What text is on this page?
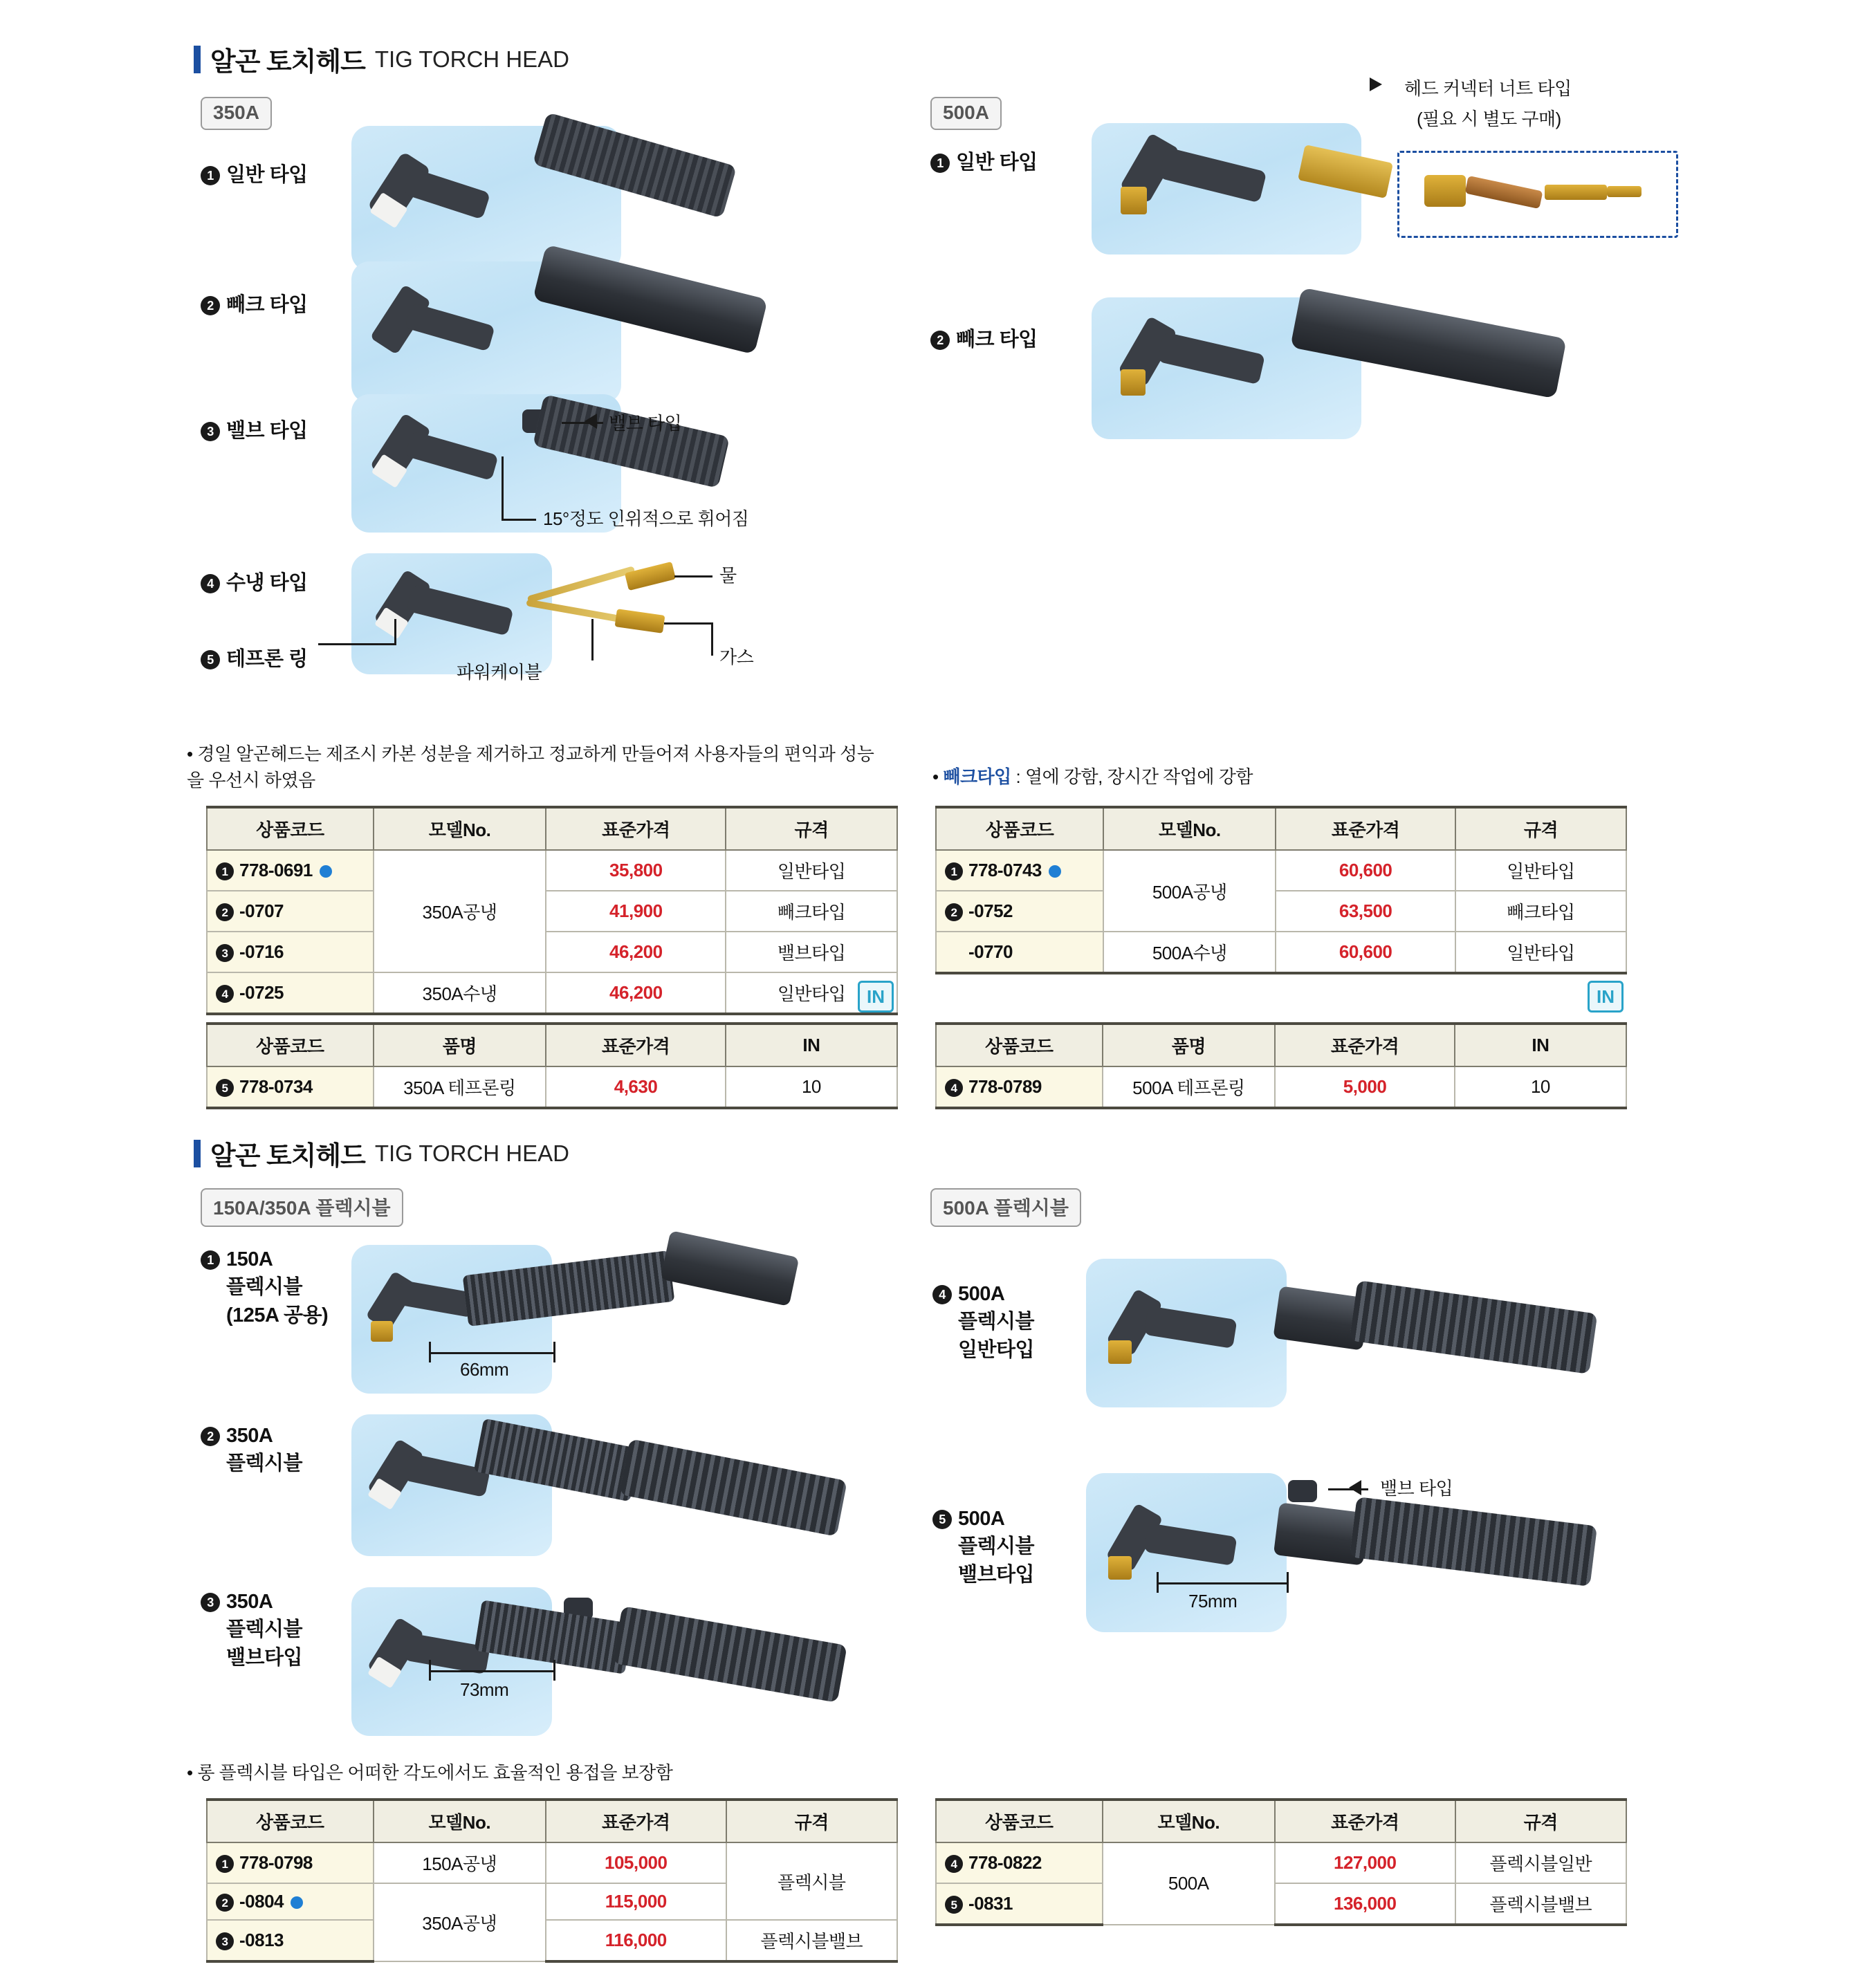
알곤 토치헤드 TIG TORCH HEAD
350A
1 일반 타입
2 빼크 타입
3 밸브 타입	밸브 타입
15°정도 인위적으로 휘어짐
4 수냉 타입
5 테프론 링
물
가스
파워케이블
500A
1 일반 타입
헤드 커넥터 너트 타입
(필요 시 별도 구매)
2 빼크 타입
• 경일 알곤헤드는 제조시 카본 성분을 제거하고 정교하게 만들어져 사용자들의 편익과 성능을 우선시 하였음	• 빼크타입 : 열에 강함, 장시간 작업에 강함
상품코드	모델No.	표준가격	규격
1 778-0691	350A공냉	35,800	일반타입
2 -0707		41,900	빼크타입
3 -0716		46,200	밸브타입
4 -0725	350A수냉	46,200	일반타입
상품코드	모델No.	표준가격	규격
1 778-0743	500A공냉	60,600	일반타입
2 -0752		63,500	빼크타입
-0770	500A수냉	60,600	일반타입
IN	IN
상품코드	품명	표준가격	IN
5 778-0734	350A 테프론링	4,630	10
상품코드	품명	표준가격	IN
4 778-0789	500A 테프론링	5,000	10
알곤 토치헤드 TIG TORCH HEAD
150A/350A 플렉시블	500A 플렉시블
1 150A
플렉시블
(125A 공용)
66mm
2 350A
플렉시블
3 350A
플렉시블
밸브타입
73mm
4 500A
플렉시블
일반타입
5 500A
플렉시블
밸브타입
밸브 타입
75mm
• 롱 플렉시블 타입은 어떠한 각도에서도 효율적인 용접을 보장함
상품코드	모델No.	표준가격	규격
1 778-0798	150A공냉	105,000	플렉시블
2 -0804	350A공냉	115,000	
3 -0813		116,000	플렉시블밸브
상품코드	모델No.	표준가격	규격
4 778-0822	500A	127,000	플렉시블일반
5 -0831		136,000	플렉시블밸브
